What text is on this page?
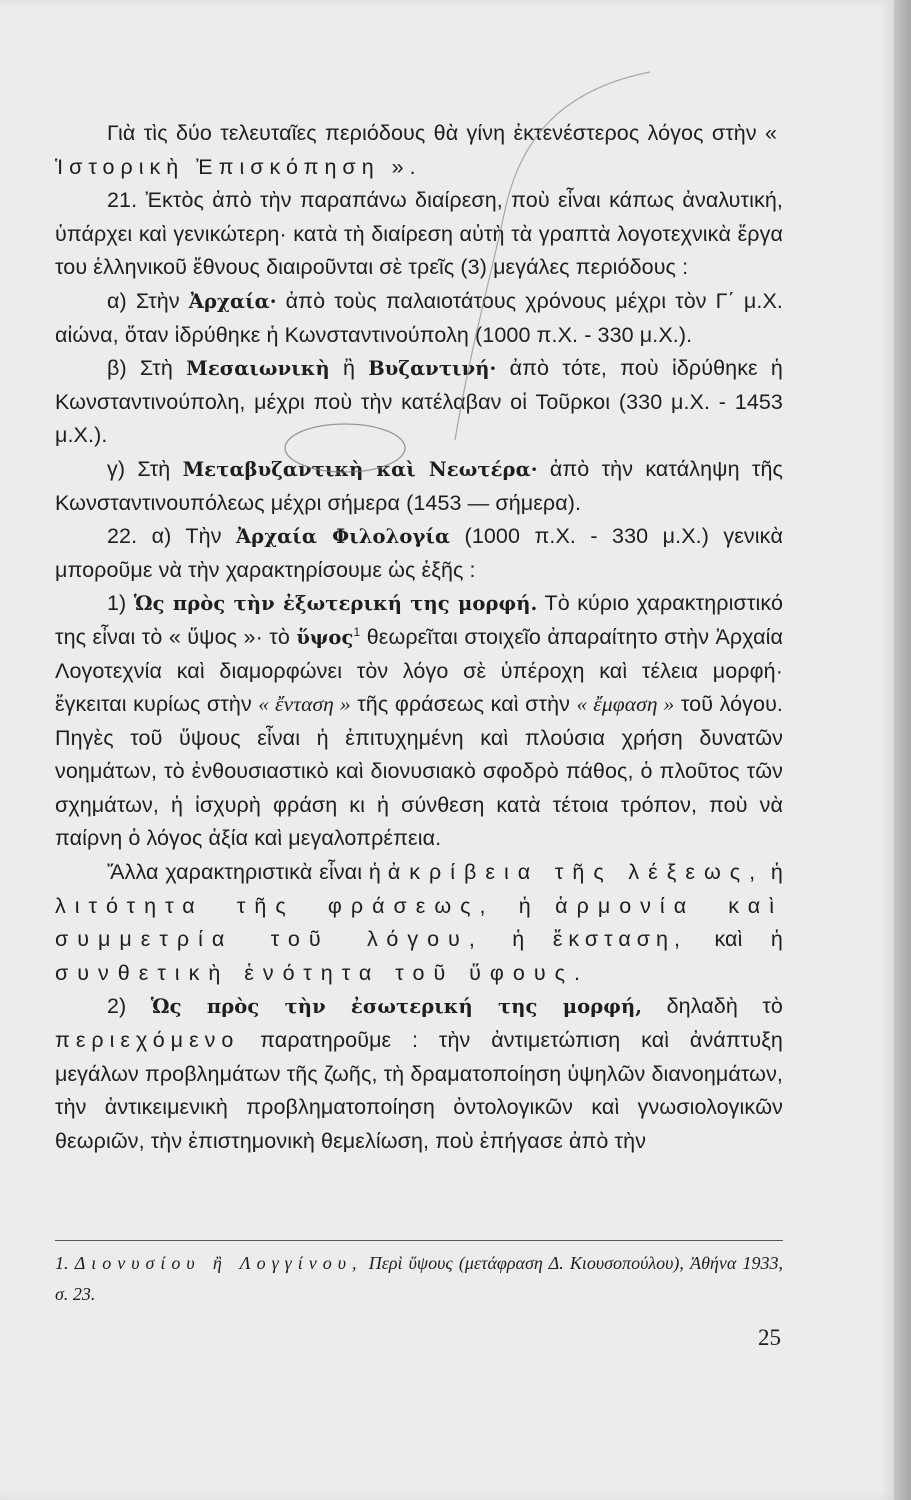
Γιὰ τὶς δύο τελευταῖες περιόδους θὰ γίνη ἐκτενέστερος λόγος στὴν « Ἱστορικὴ Ἐπισκόπηση ».

21. Ἐκτὸς ἀπὸ τὴν παραπάνω διαίρεση, ποὺ εἶναι κάπως ἀναλυτική, ὑπάρχει καὶ γενικώτερη· κατὰ τὴ διαίρεση αὐτὴ τὰ γραπτὰ λογοτεχνικὰ ἔργα του ἑλληνικοῦ ἔθνους διαιροῦνται σὲ τρεῖς (3) μεγάλες περιόδους :

α) Στὴν Ἀρχαία· ἀπὸ τοὺς παλαιοτάτους χρόνους μέχρι τὸν Γ΄ μ.Χ. αἰώνα, ὅταν ἱδρύθηκε ἡ Κωνσταντινούπολη (1000 π.Χ. - 330 μ.Χ.).

β) Στὴ Μεσαιωνικὴ ἢ Βυζαντινή· ἀπὸ τότε, ποὺ ἱδρύθηκε ἡ Κωνσταντινούπολη, μέχρι ποὺ τὴν κατέλαβαν οἱ Τοῦρκοι (330 μ.Χ. - 1453 μ.Χ.).

γ) Στὴ Μεταβυζαντικὴ καὶ Νεωτέρα· ἀπὸ τὴν κατάληψη τῆς Κωνσταντινουπόλεως μέχρι σήμερα (1453 — σήμερα).

22. α) Τὴν Ἀρχαία Φιλολογία (1000 π.Χ. - 330 μ.Χ.) γενικὰ μποροῦμε νὰ τὴν χαρακτηρίσουμε ὡς ἑξῆς :

1) Ὡς πρὸς τὴν ἐξωτερική της μορφή. Τὸ κύριο χαρακτηριστικό της εἶναι τὸ « ὕψος »· τὸ ὕψος$^1$ θεωρεῖται στοιχεῖο ἀπαραίτητο στὴν Ἀρχαία Λογοτεχνία καὶ διαμορφώνει τὸν λόγο σὲ ὑπέροχη καὶ τέλεια μορφή· ἔγκειται κυρίως στὴν « ἔνταση » τῆς φράσεως καὶ στὴν « ἔμφαση » τοῦ λόγου. Πηγὲς τοῦ ὕψους εἶναι ἡ ἐπιτυχημένη καὶ πλούσια χρήση δυνατῶν νοημάτων, τὸ ἐνθουσιαστικὸ καὶ διονυσιακὸ σφοδρὸ πάθος, ὁ πλοῦτος τῶν σχημάτων, ἡ ἰσχυρὴ φράση κι ἡ σύνθεση κατὰ τέτοια τρόπον, ποὺ νὰ παίρνη ὁ λόγος ἀξία καὶ μεγαλοπρέπεια.

Ἄλλα χαρακτηριστικὰ εἶναι ἡ ἀκρίβεια τῆς λέξεως, ἡ λιτότητα τῆς φράσεως, ἡ ἁρμονία καὶ συμμετρία τοῦ λόγου, ἡ ἔκσταση, καὶ ἡ συνθετικὴ ἑνότητα τοῦ ὕφους.

2) Ὡς πρὸς τὴν ἐσωτερική της μορφή, δηλαδὴ τὸ περιεχόμενο παρατηροῦμε : τὴν ἀντιμετώπιση καὶ ἀνάπτυξη μεγάλων προβλημάτων τῆς ζωῆς, τὴ δραματοποίηση ὑψηλῶν διανοημάτων, τὴν ἀντικειμενικὴ προβληματοποίηση ὀντολογικῶν καὶ γνωσιολογικῶν θεωριῶν, τὴν ἐπιστημονικὴ θεμελίωση, ποὺ ἐπήγασε ἀπὸ τὴν

1. Διονυσίου ἢ Λογγίνου, Περὶ ὕψους (μετάφραση Δ. Κιουσοπούλου), Ἀθήνα 1933, σ. 23.
25
